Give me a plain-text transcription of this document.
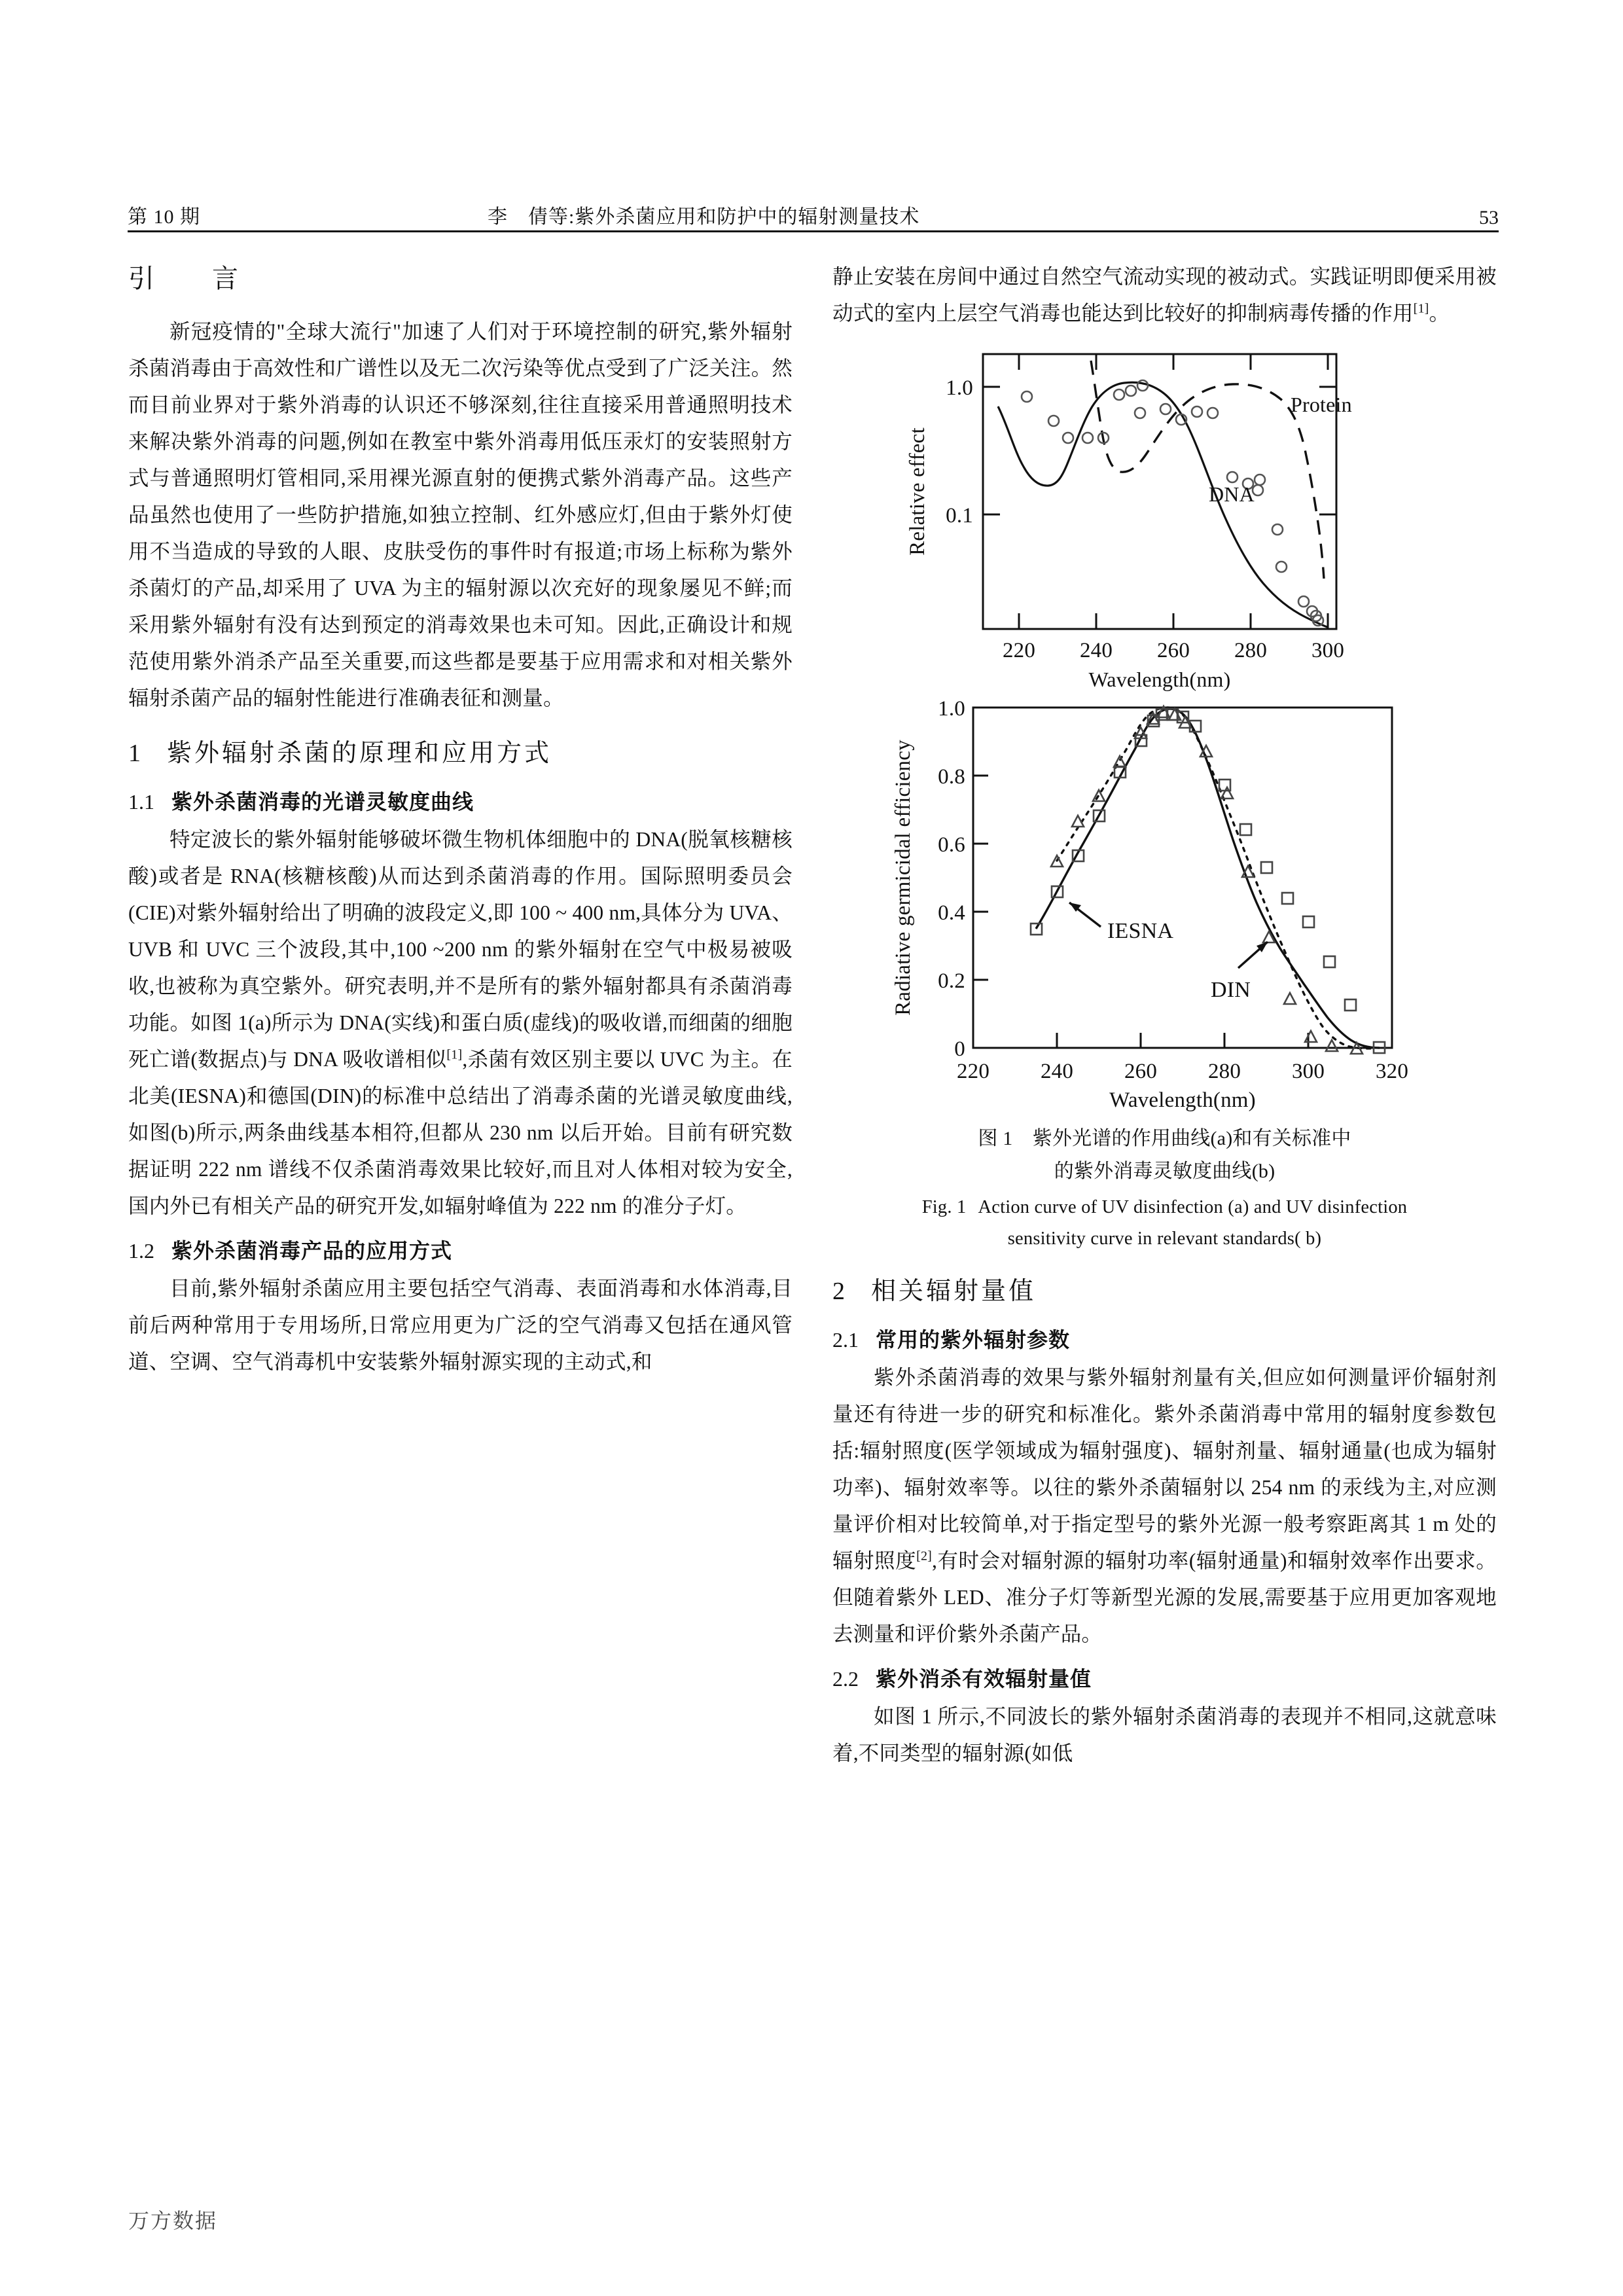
第 10 期	李　倩等:紫外杀菌应用和防护中的辐射测量技术	53
引　言

新冠疫情的"全球大流行"加速了人们对于环境控制的研究,紫外辐射杀菌消毒由于高效性和广谱性以及无二次污染等优点受到了广泛关注。然而目前业界对于紫外消毒的认识还不够深刻,往往直接采用普通照明技术来解决紫外消毒的问题,例如在教室中紫外消毒用低压汞灯的安装照射方式与普通照明灯管相同,采用裸光源直射的便携式紫外消毒产品。这些产品虽然也使用了一些防护措施,如独立控制、红外感应灯,但由于紫外灯使用不当造成的导致的人眼、皮肤受伤的事件时有报道;市场上标称为紫外杀菌灯的产品,却采用了 UVA 为主的辐射源以次充好的现象屡见不鲜;而采用紫外辐射有没有达到预定的消毒效果也未可知。因此,正确设计和规范使用紫外消杀产品至关重要,而这些都是要基于应用需求和对相关紫外辐射杀菌产品的辐射性能进行准确表征和测量。

1 紫外辐射杀菌的原理和应用方式
1.1 紫外杀菌消毒的光谱灵敏度曲线

特定波长的紫外辐射能够破坏微生物机体细胞中的 DNA(脱氧核糖核酸)或者是 RNA(核糖核酸)从而达到杀菌消毒的作用。国际照明委员会(CIE)对紫外辐射给出了明确的波段定义,即 100 ~ 400 nm,具体分为 UVA、UVB 和 UVC 三个波段,其中,100 ~200 nm 的紫外辐射在空气中极易被吸收,也被称为真空紫外。研究表明,并不是所有的紫外辐射都具有杀菌消毒功能。如图 1(a)所示为 DNA(实线)和蛋白质(虚线)的吸收谱,而细菌的细胞死亡谱(数据点)与 DNA 吸收谱相似[1],杀菌有效区别主要以 UVC 为主。在北美(IESNA)和德国(DIN)的标准中总结出了消毒杀菌的光谱灵敏度曲线,如图(b)所示,两条曲线基本相符,但都从 230 nm 以后开始。目前有研究数据证明 222 nm 谱线不仅杀菌消毒效果比较好,而且对人体相对较为安全,国内外已有相关产品的研究开发,如辐射峰值为 222 nm 的准分子灯。

1.2 紫外杀菌消毒产品的应用方式

目前,紫外辐射杀菌应用主要包括空气消毒、表面消毒和水体消毒,目前后两种常用于专用场所,日常应用更为广泛的空气消毒又包括在通风管道、空调、空气消毒机中安装紫外辐射源实现的主动式,和

静止安装在房间中通过自然空气流动实现的被动式。实践证明即便采用被动式的室内上层空气消毒也能达到比较好的抑制病毒传播的作用[1]。

1.0
0.1
220 240 260 280 300
Wavelength(nm)
Relative effect
Protein
DNA
0
0.2
0.4
0.6
0.8
1.0
220 240 260 280 300 320
Wavelength(nm)
Radiative germicidal efficiency	IESNA
DIN
图 1　紫外光谱的作用曲线(a)和有关标准中
的紫外消毒灵敏度曲线(b)
Fig. 1 Action curve of UV disinfection (a) and UV disinfection
sensitivity curve in relevant standards( b)
2 相关辐射量值
2.1 常用的紫外辐射参数

紫外杀菌消毒的效果与紫外辐射剂量有关,但应如何测量评价辐射剂量还有待进一步的研究和标准化。紫外杀菌消毒中常用的辐射度参数包括:辐射照度(医学领域成为辐射强度)、辐射剂量、辐射通量(也成为辐射功率)、辐射效率等。以往的紫外杀菌辐射以 254 nm 的汞线为主,对应测量评价相对比较简单,对于指定型号的紫外光源一般考察距离其 1 m 处的辐射照度[2],有时会对辐射源的辐射功率(辐射通量)和辐射效率作出要求。但随着紫外 LED、准分子灯等新型光源的发展,需要基于应用更加客观地去测量和评价紫外杀菌产品。

2.2 紫外消杀有效辐射量值

如图 1 所示,不同波长的紫外辐射杀菌消毒的表现并不相同,这就意味着,不同类型的辐射源(如低

万方数据
